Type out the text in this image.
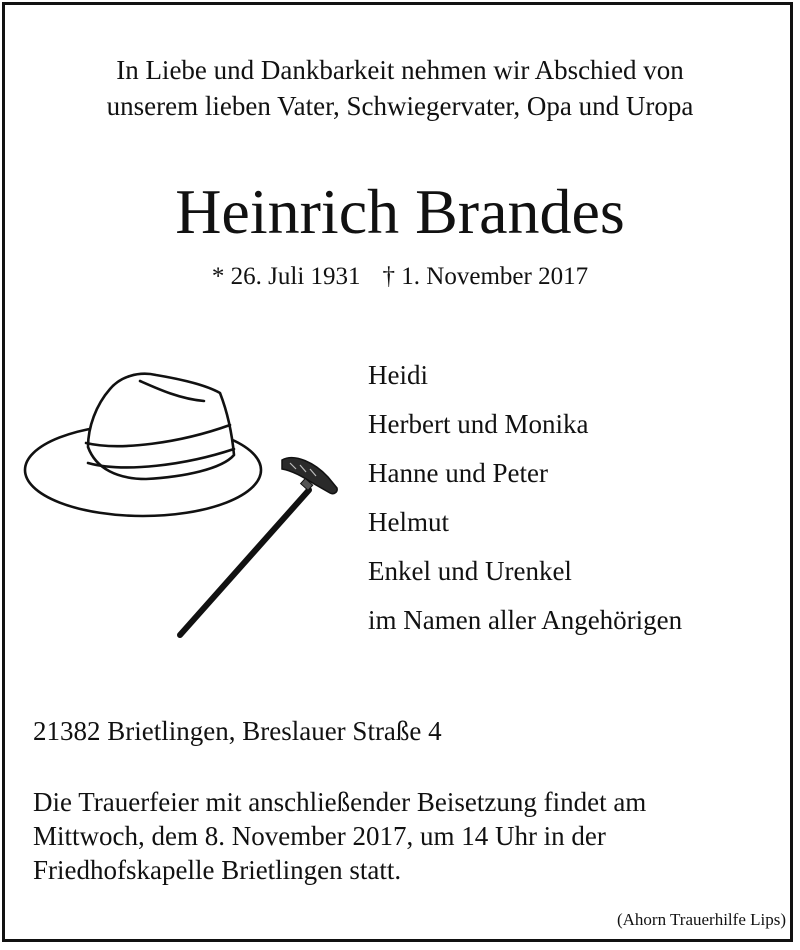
In Liebe und Dankbarkeit nehmen wir Abschied von
unserem lieben Vater, Schwiegervater, Opa und Uropa
Heinrich Brandes
* 26. Juli 1931 † 1. November 2017
Heidi
Herbert und Monika
Hanne und Peter
Helmut
Enkel und Urenkel
im Namen aller Angehörigen
21382 Brietlingen, Breslauer Straße 4
Die Trauerfeier mit anschließender Beisetzung findet am
Mittwoch, dem 8. November 2017, um 14 Uhr in der
Friedhofskapelle Brietlingen statt.
(Ahorn Trauerhilfe Lips)
